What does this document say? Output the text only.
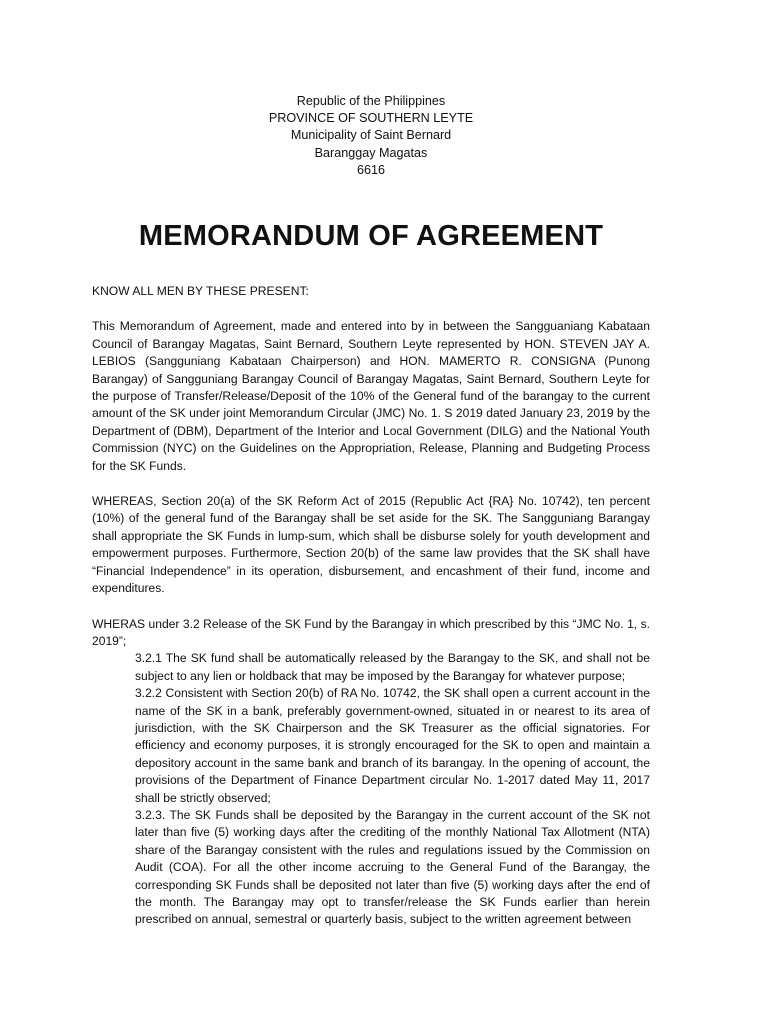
Republic of the Philippines
PROVINCE OF SOUTHERN LEYTE
Municipality of Saint Bernard
Baranggay Magatas
6616
MEMORANDUM OF AGREEMENT

KNOW ALL MEN BY THESE PRESENT:

This Memorandum of Agreement, made and entered into by in between the Sangguaniang Kabataan Council of Barangay Magatas, Saint Bernard, Southern Leyte represented by HON. STEVEN JAY A. LEBIOS (Sangguniang Kabataan Chairperson) and HON. MAMERTO R. CONSIGNA (Punong Barangay) of Sangguniang Barangay Council of Barangay Magatas, Saint Bernard, Southern Leyte for the purpose of Transfer/Release/Deposit of the 10% of the General fund of the barangay to the current amount of the SK under joint Memorandum Circular (JMC) No. 1. S 2019 dated January 23, 2019 by the Department of (DBM), Department of the Interior and Local Government (DILG) and the National Youth Commission (NYC) on the Guidelines on the Appropriation, Release, Planning and Budgeting Process for the SK Funds.

WHEREAS, Section 20(a) of the SK Reform Act of 2015 (Republic Act {RA} No. 10742), ten percent (10%) of the general fund of the Barangay shall be set aside for the SK. The Sangguniang Barangay shall appropriate the SK Funds in lump-sum, which shall be disburse solely for youth development and empowerment purposes. Furthermore, Section 20(b) of the same law provides that the SK shall have “Financial Independence” in its operation, disbursement, and encashment of their fund, income and expenditures.

WHERAS under 3.2 Release of the SK Fund by the Barangay in which prescribed by this “JMC No. 1, s. 2019”;

3.2.1 The SK fund shall be automatically released by the Barangay to the SK, and shall not be subject to any lien or holdback that may be imposed by the Barangay for whatever purpose;

3.2.2 Consistent with Section 20(b) of RA No. 10742, the SK shall open a current account in the name of the SK in a bank, preferably government-owned, situated in or nearest to its area of jurisdiction, with the SK Chairperson and the SK Treasurer as the official signatories. For efficiency and economy purposes, it is strongly encouraged for the SK to open and maintain a depository account in the same bank and branch of its barangay. In the opening of account, the provisions of the Department of Finance Department circular No. 1-2017 dated May 11, 2017 shall be strictly observed;

3.2.3. The SK Funds shall be deposited by the Barangay in the current account of the SK not later than five (5) working days after the crediting of the monthly National Tax Allotment (NTA) share of the Barangay consistent with the rules and regulations issued by the Commission on Audit (COA). For all the other income accruing to the General Fund of the Barangay, the corresponding SK Funds shall be deposited not later than five (5) working days after the end of the month. The Barangay may opt to transfer/release the SK Funds earlier than herein prescribed on annual, semestral or quarterly basis, subject to the written agreement between
